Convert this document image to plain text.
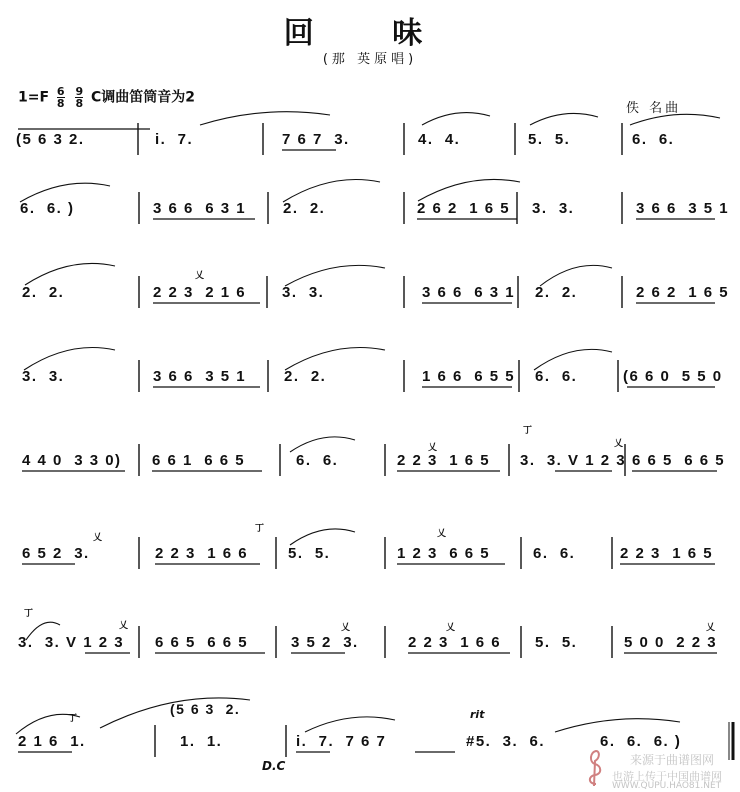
回 味
(那 英原唱)
$1=F \frac{6}{8} \frac{9}{8}$ C调曲笛筒音为2
佚 名曲
(5 6 3 2.	i.  7.	7 6 7  3.	4.  4.	5.  5.	6.  6.
6.  6. )	3 6 6  6 3 1 2.  2.	2 6 2  1 6 5 3.  3.	3 6 6  3 5 1
2.  2.	2 2 3  2 1 6 3.  3.	3 6 6  6 3 1 2.  2.	2 6 2  1 6 5
3.  3.	3 6 6  3 5 1	2.  2.	1 6 6  6 5 5 6.  6.	(6 6 0  5 5 0
4 4 0  3 3 0) 6 6 1  6 6 5	6.  6.	2 2 3  1 6 5 3.  3. V 1 2 3 6 6 5  6 6 5
6 5 2  3.	2 2 3  1 6 6	5.  5.	1 2 3  6 6 5	6.  6.	2 2 3  1 6 5
3.  3. V 1 2 3 6 6 5  6 6 5	3 5 2  3.	2 2 3  1 6 6 5.  5.	5 0 0  2 2 3
(5 6 3  2.
2 1 6  1.	1.  1.	i.  7.  7 6 7	#5.  3.  6.	6.  6.  6. )
乂
乂
丁
乂
乂
丁	乂
丁
乂	乂	乂	乂
丁
D.C
rit
来源于曲谱图网
也游上传于中国曲谱网
WWW.QUPU.HAO81.NET
